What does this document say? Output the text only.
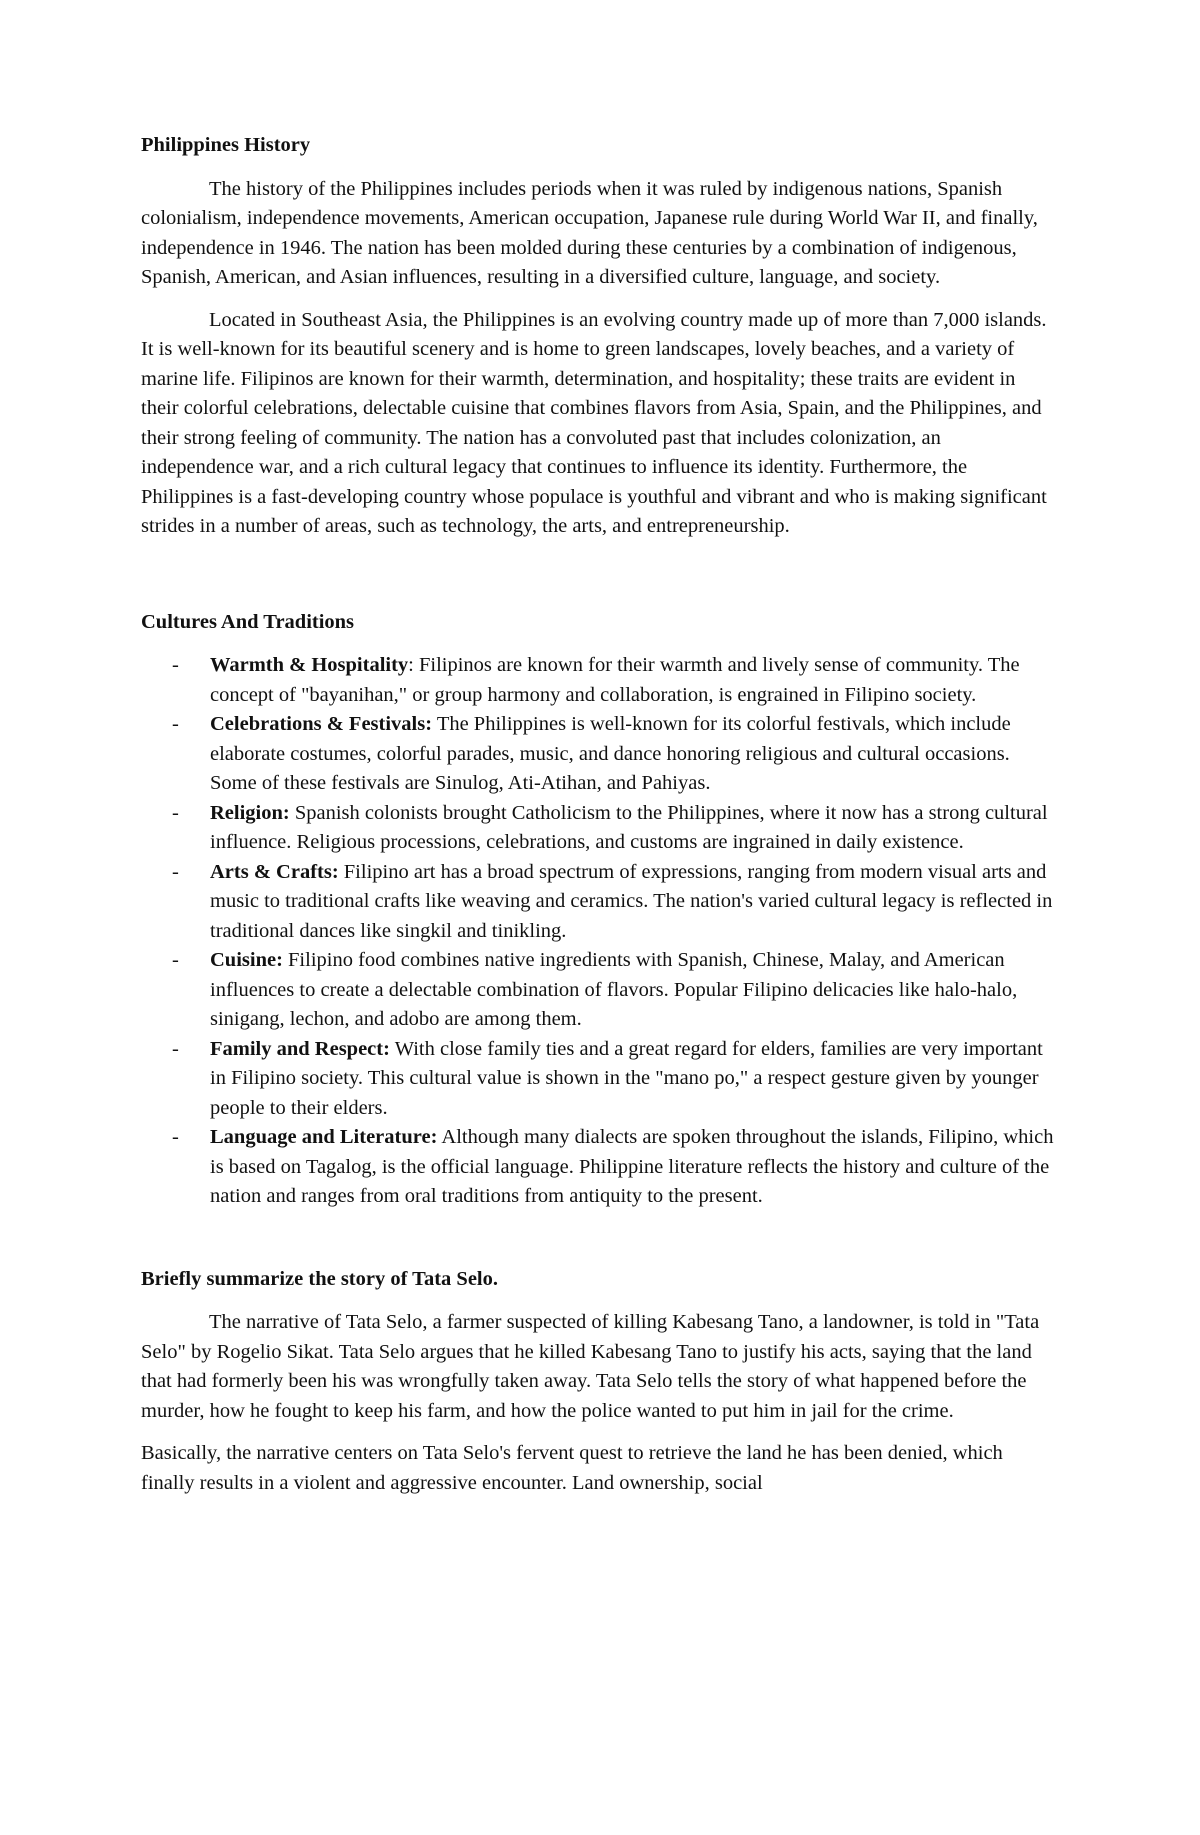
Philippines History

The history of the Philippines includes periods when it was ruled by indigenous nations, Spanish colonialism, independence movements, American occupation, Japanese rule during World War II, and finally, independence in 1946. The nation has been molded during these centuries by a combination of indigenous, Spanish, American, and Asian influences, resulting in a diversified culture, language, and society.

Located in Southeast Asia, the Philippines is an evolving country made up of more than 7,000 islands. It is well-known for its beautiful scenery and is home to green landscapes, lovely beaches, and a variety of marine life. Filipinos are known for their warmth, determination, and hospitality; these traits are evident in their colorful celebrations, delectable cuisine that combines flavors from Asia, Spain, and the Philippines, and their strong feeling of community. The nation has a convoluted past that includes colonization, an independence war, and a rich cultural legacy that continues to influence its identity. Furthermore, the Philippines is a fast-developing country whose populace is youthful and vibrant and who is making significant strides in a number of areas, such as technology, the arts, and entrepreneurship.

Cultures And Traditions
- Warmth & Hospitality: Filipinos are known for their warmth and lively sense of community. The concept of "bayanihan," or group harmony and collaboration, is engrained in Filipino society.
- Celebrations & Festivals: The Philippines is well-known for its colorful festivals, which include elaborate costumes, colorful parades, music, and dance honoring religious and cultural occasions. Some of these festivals are Sinulog, Ati-Atihan, and Pahiyas.
- Religion: Spanish colonists brought Catholicism to the Philippines, where it now has a strong cultural influence. Religious processions, celebrations, and customs are ingrained in daily existence.
- Arts & Crafts: Filipino art has a broad spectrum of expressions, ranging from modern visual arts and music to traditional crafts like weaving and ceramics. The nation's varied cultural legacy is reflected in traditional dances like singkil and tinikling.
- Cuisine: Filipino food combines native ingredients with Spanish, Chinese, Malay, and American influences to create a delectable combination of flavors. Popular Filipino delicacies like halo-halo, sinigang, lechon, and adobo are among them.
- Family and Respect: With close family ties and a great regard for elders, families are very important in Filipino society. This cultural value is shown in the "mano po," a respect gesture given by younger people to their elders.
- Language and Literature: Although many dialects are spoken throughout the islands, Filipino, which is based on Tagalog, is the official language. Philippine literature reflects the history and culture of the nation and ranges from oral traditions from antiquity to the present.
Briefly summarize the story of Tata Selo.

The narrative of Tata Selo, a farmer suspected of killing Kabesang Tano, a landowner, is told in "Tata Selo" by Rogelio Sikat. Tata Selo argues that he killed Kabesang Tano to justify his acts, saying that the land that had formerly been his was wrongfully taken away. Tata Selo tells the story of what happened before the murder, how he fought to keep his farm, and how the police wanted to put him in jail for the crime.

Basically, the narrative centers on Tata Selo's fervent quest to retrieve the land he has been denied, which finally results in a violent and aggressive encounter. Land ownership, social
